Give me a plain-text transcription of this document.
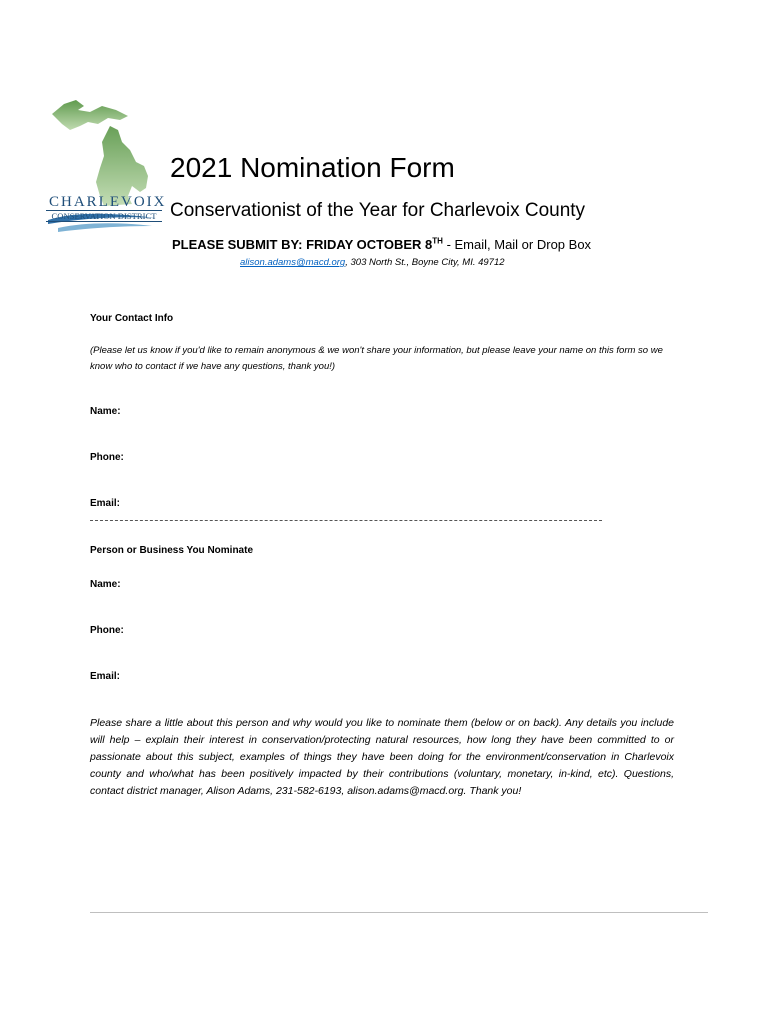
CHARLEVOIX
CONSERVATION DISTRICT
2021 Nomination Form
Conservationist of the Year for Charlevoix County
PLEASE SUBMIT BY: FRIDAY OCTOBER 8TH - Email, Mail or Drop Box
alison.adams@macd.org, 303 North St., Boyne City, MI. 49712
Your Contact Info
(Please let us know if you'd like to remain anonymous & we won't share your information, but please leave your name on this form so we know who to contact if we have any questions, thank you!)
Name:
Phone:
Email:
Person or Business You Nominate
Name:
Phone:
Email:
Please share a little about this person and why would you like to nominate them (below or on back). Any details you include will help – explain their interest in conservation/protecting natural resources, how long they have been committed to or passionate about this subject, examples of things they have been doing for the environment/conservation in Charlevoix county and who/what has been positively impacted by their contributions (voluntary, monetary, in-kind, etc). Questions, contact district manager, Alison Adams, 231-582-6193, alison.adams@macd.org. Thank you!
